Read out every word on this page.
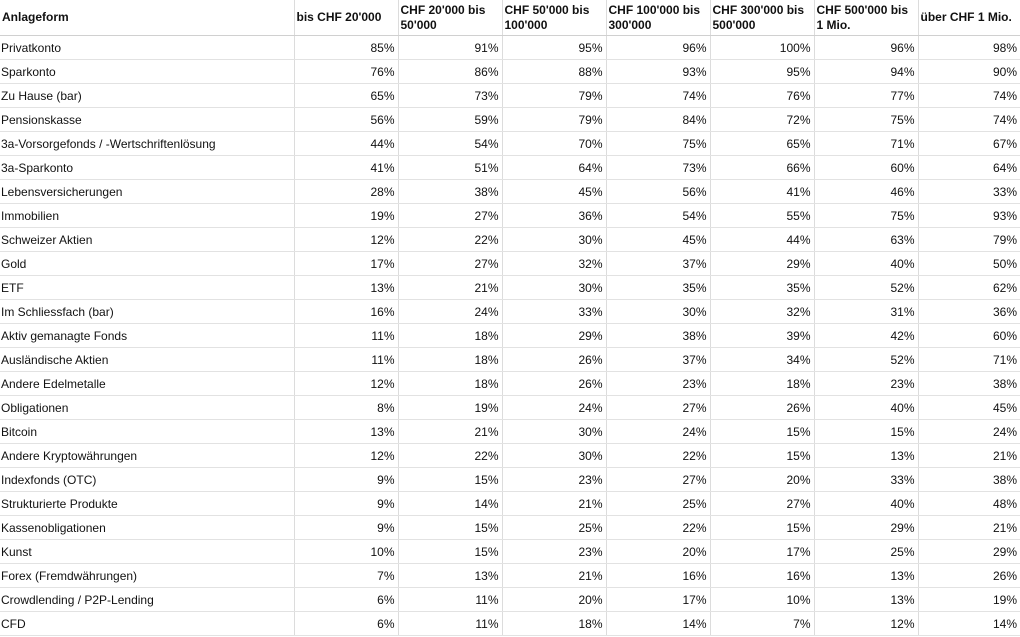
Anlageform	bis CHF 20'000	CHF 20'000 bis 50'000	CHF 50'000 bis 100'000	CHF 100'000 bis 300'000	CHF 300'000 bis 500'000	CHF 500'000 bis 1 Mio.	über CHF 1 Mio.
Privatkonto	85%	91%	95%	96%	100%	96%	98%
Sparkonto	76%	86%	88%	93%	95%	94%	90%
Zu Hause (bar)	65%	73%	79%	74%	76%	77%	74%
Pensionskasse	56%	59%	79%	84%	72%	75%	74%
3a-Vorsorgefonds / -Wertschriftenlösung	44%	54%	70%	75%	65%	71%	67%
3a-Sparkonto	41%	51%	64%	73%	66%	60%	64%
Lebensversicherungen	28%	38%	45%	56%	41%	46%	33%
Immobilien	19%	27%	36%	54%	55%	75%	93%
Schweizer Aktien	12%	22%	30%	45%	44%	63%	79%
Gold	17%	27%	32%	37%	29%	40%	50%
ETF	13%	21%	30%	35%	35%	52%	62%
Im Schliessfach (bar)	16%	24%	33%	30%	32%	31%	36%
Aktiv gemanagte Fonds	11%	18%	29%	38%	39%	42%	60%
Ausländische Aktien	11%	18%	26%	37%	34%	52%	71%
Andere Edelmetalle	12%	18%	26%	23%	18%	23%	38%
Obligationen	8%	19%	24%	27%	26%	40%	45%
Bitcoin	13%	21%	30%	24%	15%	15%	24%
Andere Kryptowährungen	12%	22%	30%	22%	15%	13%	21%
Indexfonds (OTC)	9%	15%	23%	27%	20%	33%	38%
Strukturierte Produkte	9%	14%	21%	25%	27%	40%	48%
Kassenobligationen	9%	15%	25%	22%	15%	29%	21%
Kunst	10%	15%	23%	20%	17%	25%	29%
Forex (Fremdwährungen)	7%	13%	21%	16%	16%	13%	26%
Crowdlending / P2P-Lending	6%	11%	20%	17%	10%	13%	19%
CFD	6%	11%	18%	14%	7%	12%	14%
